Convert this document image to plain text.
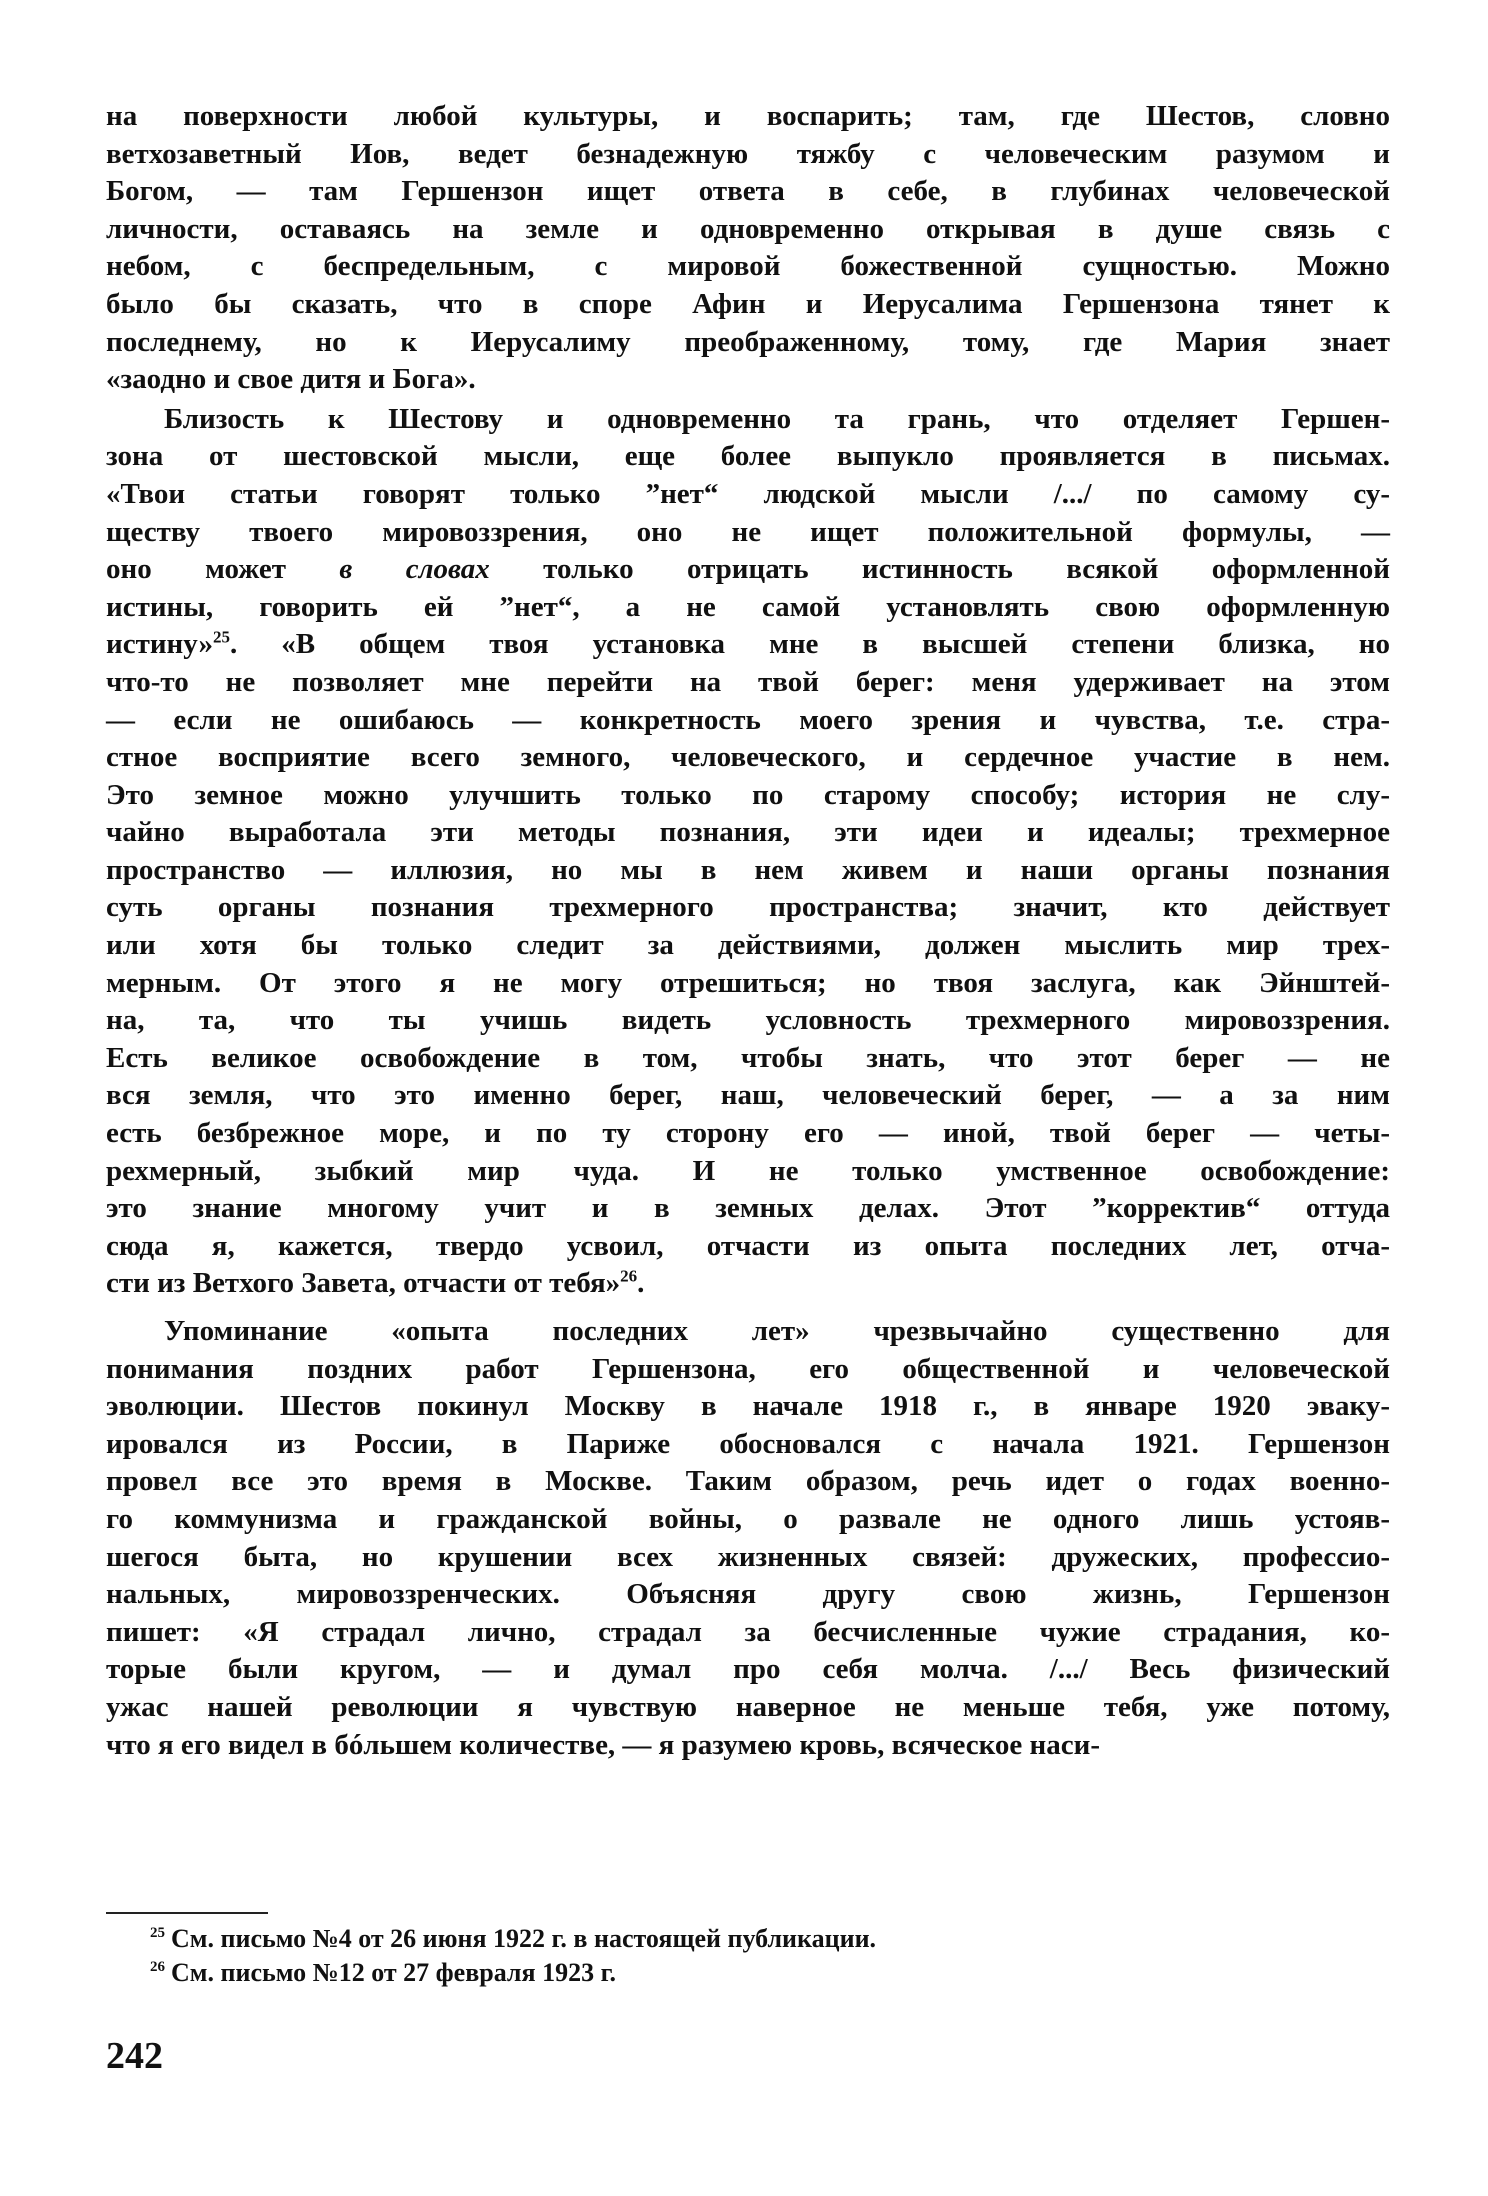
на поверхности любой культуры, и воспарить; там, где Шестов, словно
ветхозаветный Иов, ведет безнадежную тяжбу с человеческим разумом и
Богом, — там Гершензон ищет ответа в себе, в глубинах человеческой
личности, оставаясь на земле и одновременно открывая в душе связь с
небом, с беспредельным, с мировой божественной сущностью. Можно
было бы сказать, что в споре Афин и Иерусалима Гершензона тянет к
последнему, но к Иерусалиму преображенному, тому, где Мария знает
«заодно и свое дитя и Бога».
Близость к Шестову и одновременно та грань, что отделяет Гершен-
зона от шестовской мысли, еще более выпукло проявляется в письмах.
«Твои статьи говорят только ”нет“ людской мысли /.../ по самому су-
ществу твоего мировоззрения, оно не ищет положительной формулы, —
оно может в словах только отрицать истинность всякой оформленной
истины, говорить ей ”нет“, а не самой установлять свою оформленную
истину»$^{25}$. «В общем твоя установка мне в высшей степени близка, но
что-то не позволяет мне перейти на твой берег: меня удерживает на этом
— если не ошибаюсь — конкретность моего зрения и чувства, т.е. стра-
стное восприятие всего земного, человеческого, и сердечное участие в нем.
Это земное можно улучшить только по старому способу; история не слу-
чайно выработала эти методы познания, эти идеи и идеалы; трехмерное
пространство — иллюзия, но мы в нем живем и наши органы познания
суть органы познания трехмерного пространства; значит, кто действует
или хотя бы только следит за действиями, должен мыслить мир трех-
мерным. От этого я не могу отрешиться; но твоя заслуга, как Эйнштей-
на, та, что ты учишь видеть условность трехмерного мировоззрения.
Есть великое освобождение в том, чтобы знать, что этот берег — не
вся земля, что это именно берег, наш, человеческий берег, — а за ним
есть безбрежное море, и по ту сторону его — иной, твой берег — четы-
рехмерный, зыбкий мир чуда. И не только умственное освобождение:
это знание многому учит и в земных делах. Этот ”корректив“ оттуда
сюда я, кажется, твердо усвоил, отчасти из опыта последних лет, отча-
сти из Ветхого Завета, отчасти от тебя»$^{26}$.
Упоминание «опыта последних лет» чрезвычайно существенно для
понимания поздних работ Гершензона, его общественной и человеческой
эволюции. Шестов покинул Москву в начале 1918 г., в январе 1920 эваку-
ировался из России, в Париже обосновался с начала 1921. Гершензон
провел все это время в Москве. Таким образом, речь идет о годах военно-
го коммунизма и гражданской войны, о развале не одного лишь устояв-
шегося быта, но крушении всех жизненных связей: дружеских, профессио-
нальных, мировоззренческих. Объясняя другу свою жизнь, Гершензон
пишет: «Я страдал лично, страдал за бесчисленные чужие страдания, ко-
торые были кругом, — и думал про себя молча. /.../ Весь физический
ужас нашей революции я чувствую наверное не меньше тебя, уже потому,
что я его видел в бóльшем количестве, — я разумею кровь, всяческое наси-
$^{25}$ См. письмо №4 от 26 июня 1922 г. в настоящей публикации.
$^{26}$ См. письмо №12 от 27 февраля 1923 г.
242
